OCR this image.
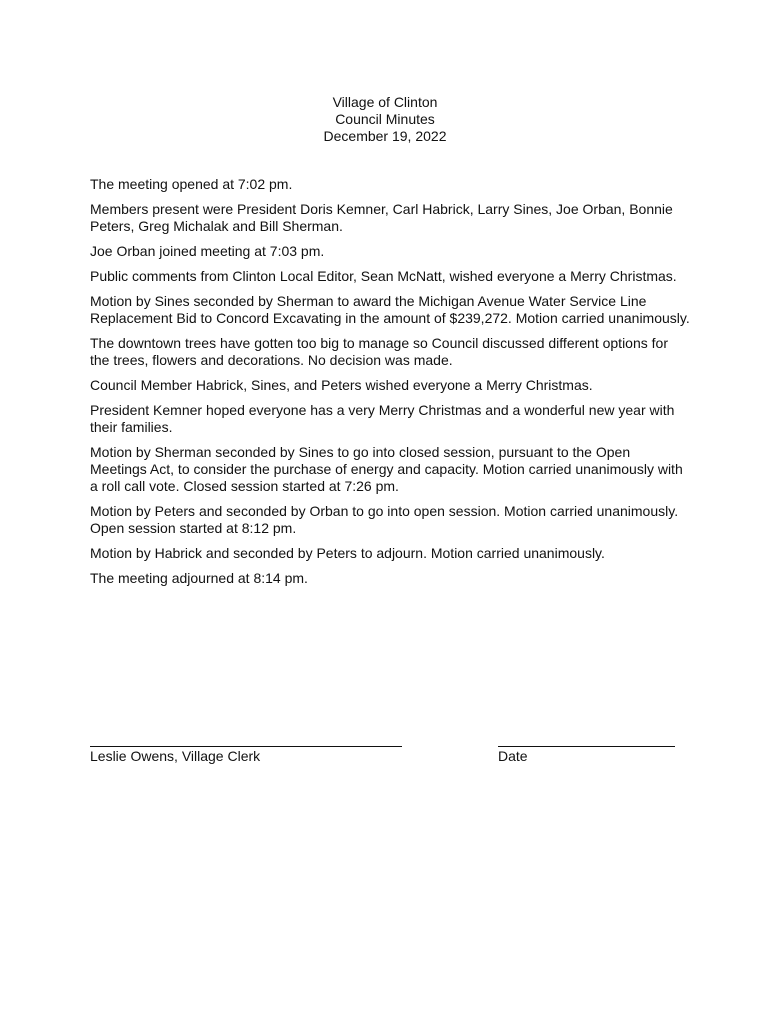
Village of Clinton
Council Minutes
December 19, 2022

The meeting opened at 7:02 pm.

Members present were President Doris Kemner, Carl Habrick, Larry Sines, Joe Orban, Bonnie Peters, Greg Michalak and Bill Sherman.

Joe Orban joined meeting at 7:03 pm.

Public comments from Clinton Local Editor, Sean McNatt, wished everyone a Merry Christmas.

Motion by Sines seconded by Sherman to award the Michigan Avenue Water Service Line Replacement Bid to Concord Excavating in the amount of $239,272. Motion carried unanimously.

The downtown trees have gotten too big to manage so Council discussed different options for the trees, flowers and decorations. No decision was made.

Council Member Habrick, Sines, and Peters wished everyone a Merry Christmas.

President Kemner hoped everyone has a very Merry Christmas and a wonderful new year with their families.

Motion by Sherman seconded by Sines to go into closed session, pursuant to the Open Meetings Act, to consider the purchase of energy and capacity. Motion carried unanimously with a roll call vote. Closed session started at 7:26 pm.

Motion by Peters and seconded by Orban to go into open session. Motion carried unanimously. Open session started at 8:12 pm.

Motion by Habrick and seconded by Peters to adjourn. Motion carried unanimously.

The meeting adjourned at 8:14 pm.

Leslie Owens, Village Clerk	Date
